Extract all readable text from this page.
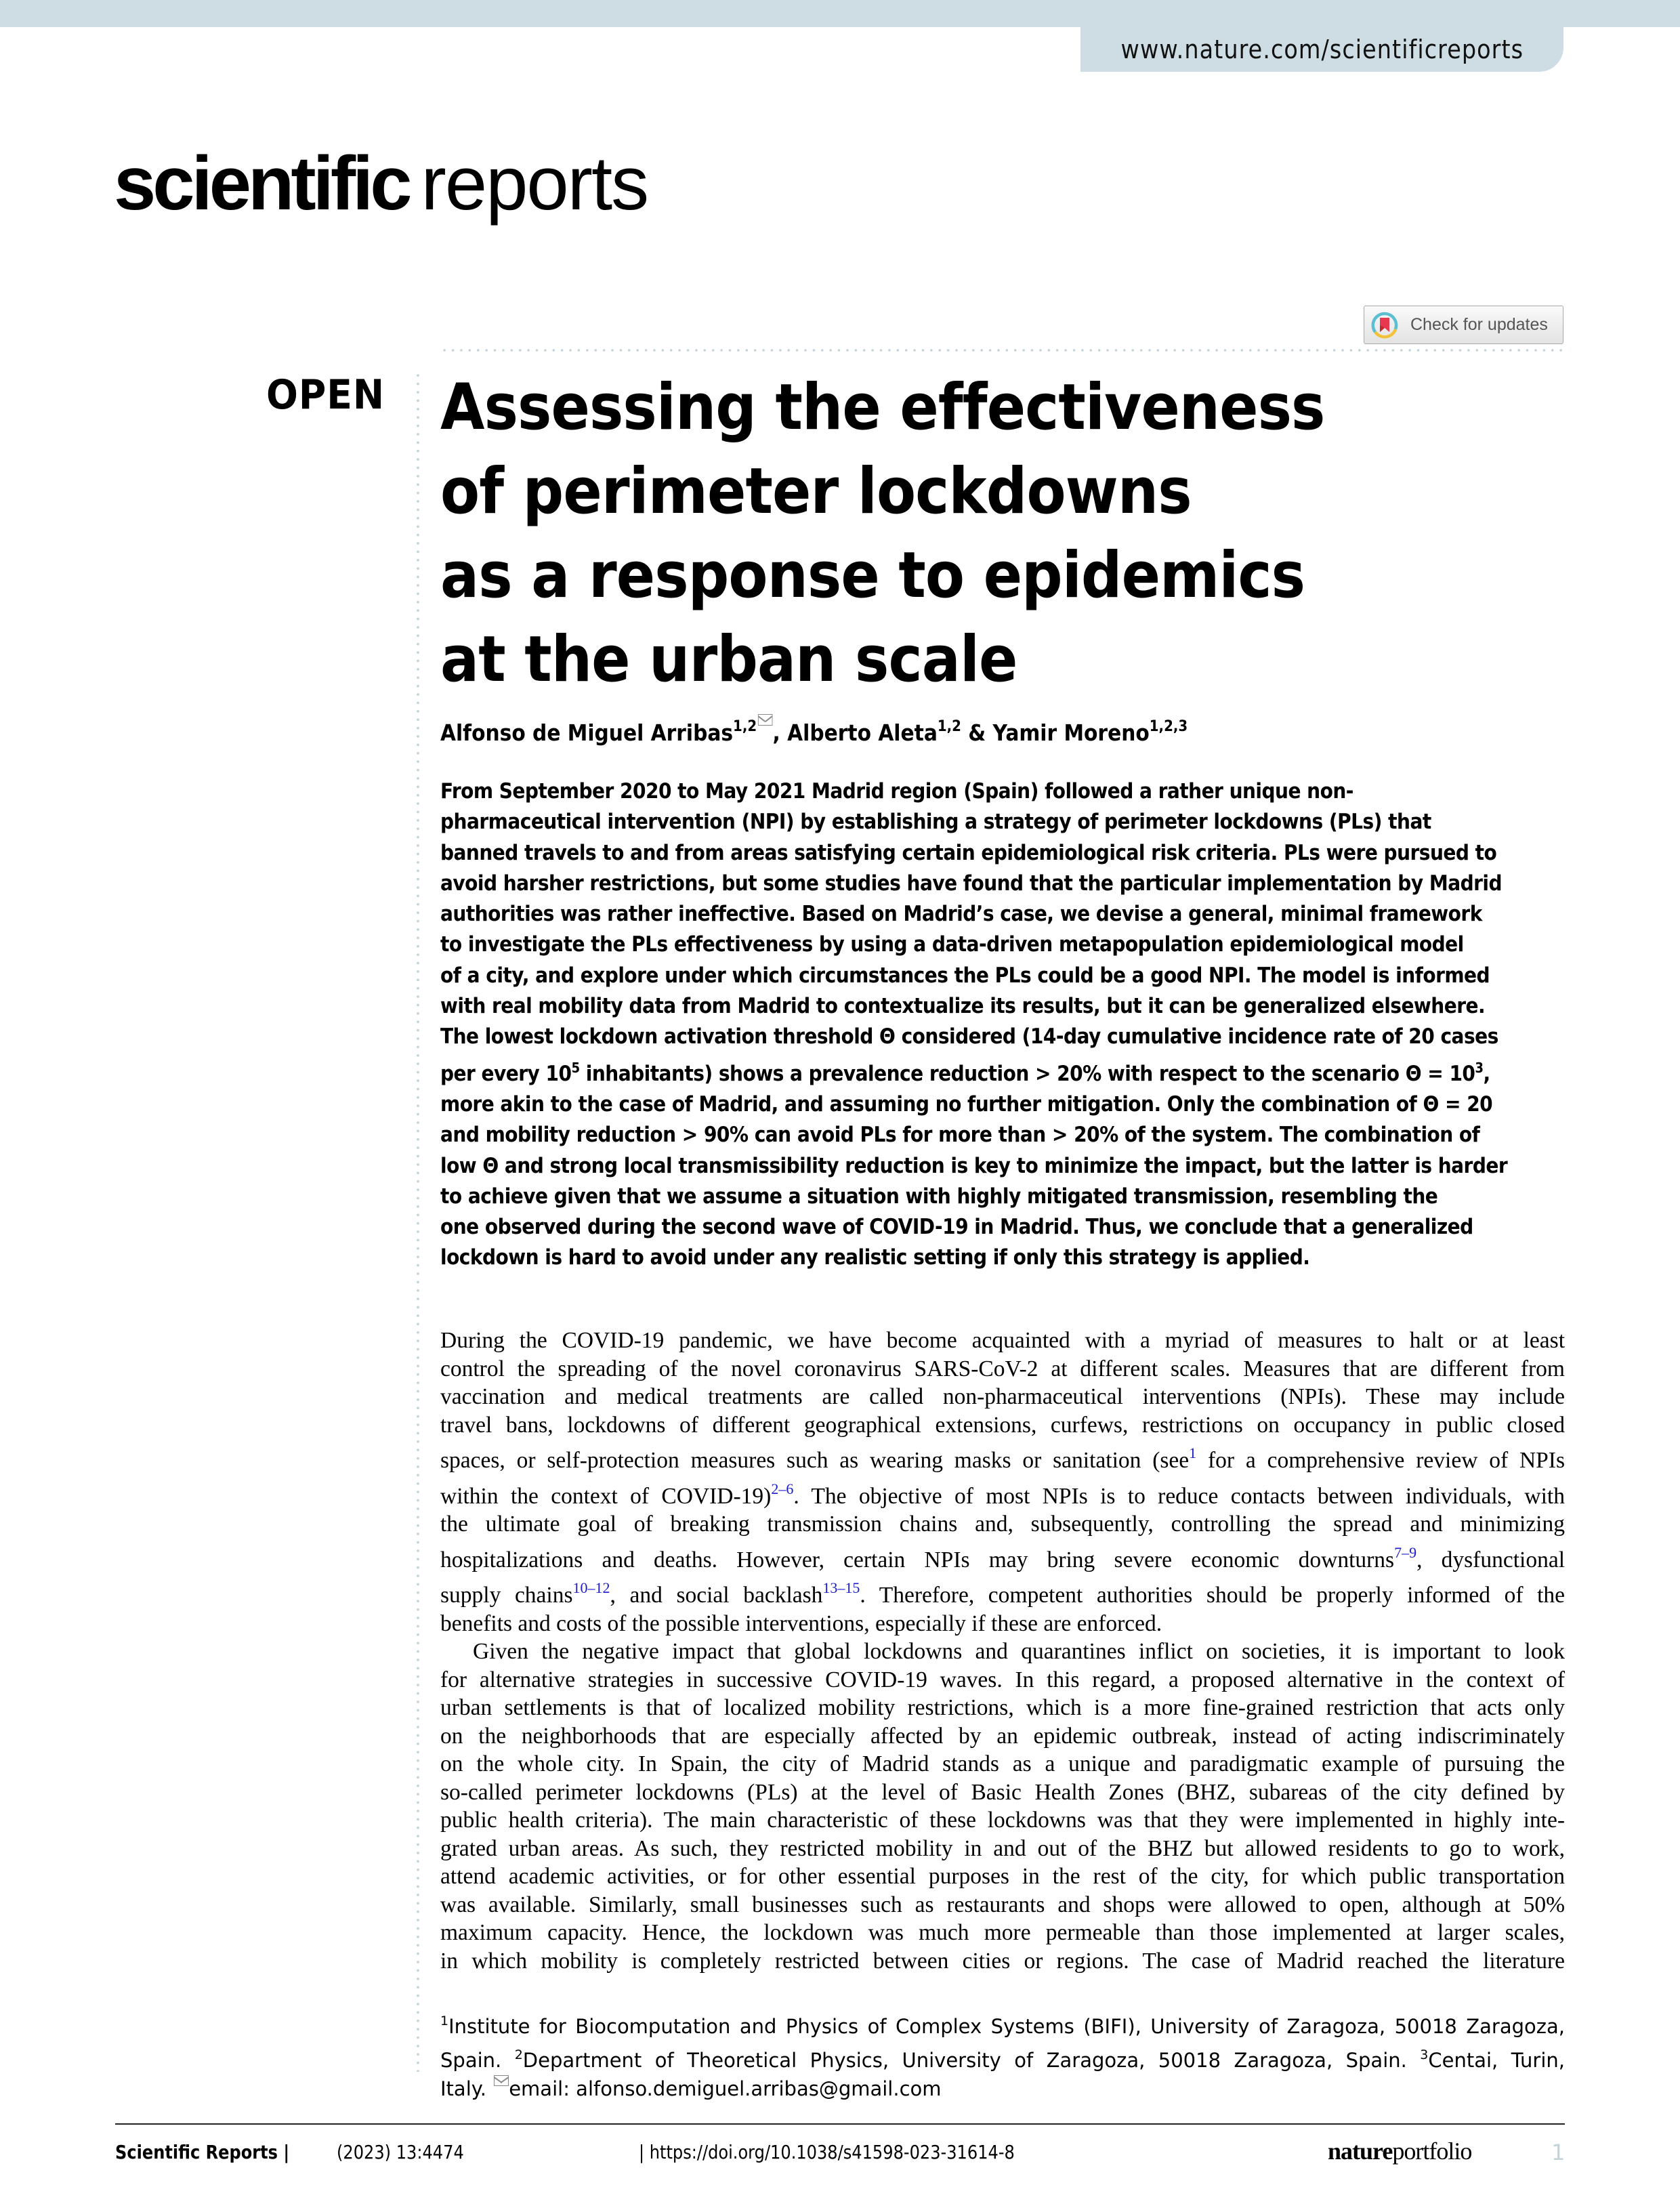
www.nature.com/scientificreports
scientific reports
Check for updates
OPEN Assessing the effectiveness
of perimeter lockdowns
as a response to epidemics
at the urban scale
Alfonso de Miguel Arribas$^{1,2}$ , Alberto Aleta$^{1,2}$ & Yamir Moreno$^{1,2,3}$
From September 2020 to May 2021 Madrid region (Spain) followed a rather unique non-
pharmaceutical intervention (NPI) by establishing a strategy of perimeter lockdowns (PLs) that
banned travels to and from areas satisfying certain epidemiological risk criteria. PLs were pursued to
avoid harsher restrictions, but some studies have found that the particular implementation by Madrid
authorities was rather ineffective. Based on Madrid’s case, we devise a general, minimal framework
to investigate the PLs effectiveness by using a data-driven metapopulation epidemiological model
of a city, and explore under which circumstances the PLs could be a good NPI. The model is informed
with real mobility data from Madrid to contextualize its results, but it can be generalized elsewhere.
The lowest lockdown activation threshold Θ considered (14-day cumulative incidence rate of 20 cases
per every $10^5$ inhabitants) shows a prevalence reduction > 20% with respect to the scenario $\Theta = 10^3$,
more akin to the case of Madrid, and assuming no further mitigation. Only the combination of Θ = 20
and mobility reduction > 90% can avoid PLs for more than > 20% of the system. The combination of
low Θ and strong local transmissibility reduction is key to minimize the impact, but the latter is harder
to achieve given that we assume a situation with highly mitigated transmission, resembling the
one observed during the second wave of COVID-19 in Madrid. Thus, we conclude that a generalized
lockdown is hard to avoid under any realistic setting if only this strategy is applied.
During the COVID-19 pandemic, we have become acquainted with a myriad of measures to halt or at least
control the spreading of the novel coronavirus SARS-CoV-2 at different scales. Measures that are different from
vaccination and medical treatments are called non-pharmaceutical interventions (NPIs). These may include
travel bans, lockdowns of different geographical extensions, curfews, restrictions on occupancy in public closed
spaces, or self-protection measures such as wearing masks or sanitation (see$^1$ for a comprehensive review of NPIs
within the context of COVID-19)$^{2-6}$. The objective of most NPIs is to reduce contacts between individuals, with
the ultimate goal of breaking transmission chains and, subsequently, controlling the spread and minimizing
hospitalizations and deaths. However, certain NPIs may bring severe economic downturns$^{7-9}$, dysfunctional
supply chains$^{10-12}$, and social backlash$^{13-15}$. Therefore, competent authorities should be properly informed of the
benefits and costs of the possible interventions, especially if these are enforced.
Given the negative impact that global lockdowns and quarantines inflict on societies, it is important to look
for alternative strategies in successive COVID-19 waves. In this regard, a proposed alternative in the context of
urban settlements is that of localized mobility restrictions, which is a more fine-grained restriction that acts only
on the neighborhoods that are especially affected by an epidemic outbreak, instead of acting indiscriminately
on the whole city. In Spain, the city of Madrid stands as a unique and paradigmatic example of pursuing the
so-called perimeter lockdowns (PLs) at the level of Basic Health Zones (BHZ, subareas of the city defined by
public health criteria). The main characteristic of these lockdowns was that they were implemented in highly inte-
grated urban areas. As such, they restricted mobility in and out of the BHZ but allowed residents to go to work,
attend academic activities, or for other essential purposes in the rest of the city, for which public transportation
was available. Similarly, small businesses such as restaurants and shops were allowed to open, although at 50%
maximum capacity. Hence, the lockdown was much more permeable than those implemented at larger scales,
in which mobility is completely restricted between cities or regions. The case of Madrid reached the literature
$^1$Institute for Biocomputation and Physics of Complex Systems (BIFI), University of Zaragoza, 50018 Zaragoza,
Spain. $^2$Department of Theoretical Physics, University of Zaragoza, 50018 Zaragoza, Spain. $^3$Centai, Turin,
Italy. email: alfonso.demiguel.arribas@gmail.com
Scientific Reports | (2023) 13:4474	| https://doi.org/10.1038/s41598-023-31614-8	natureportfolio	1
